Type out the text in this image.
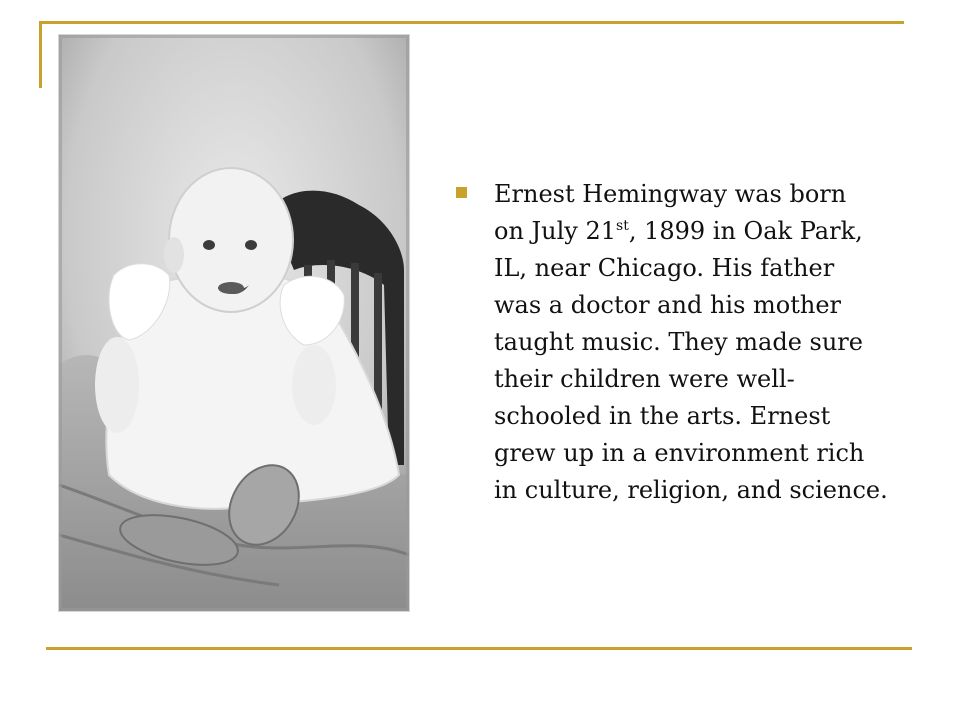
Ernest Hemingway was born
on July 21st, 1899 in Oak Park,
IL, near Chicago. His father
was a doctor and his mother
taught music. They made sure
their children were well-
schooled in the arts. Ernest
grew up in a environment rich
in culture, religion, and science.
